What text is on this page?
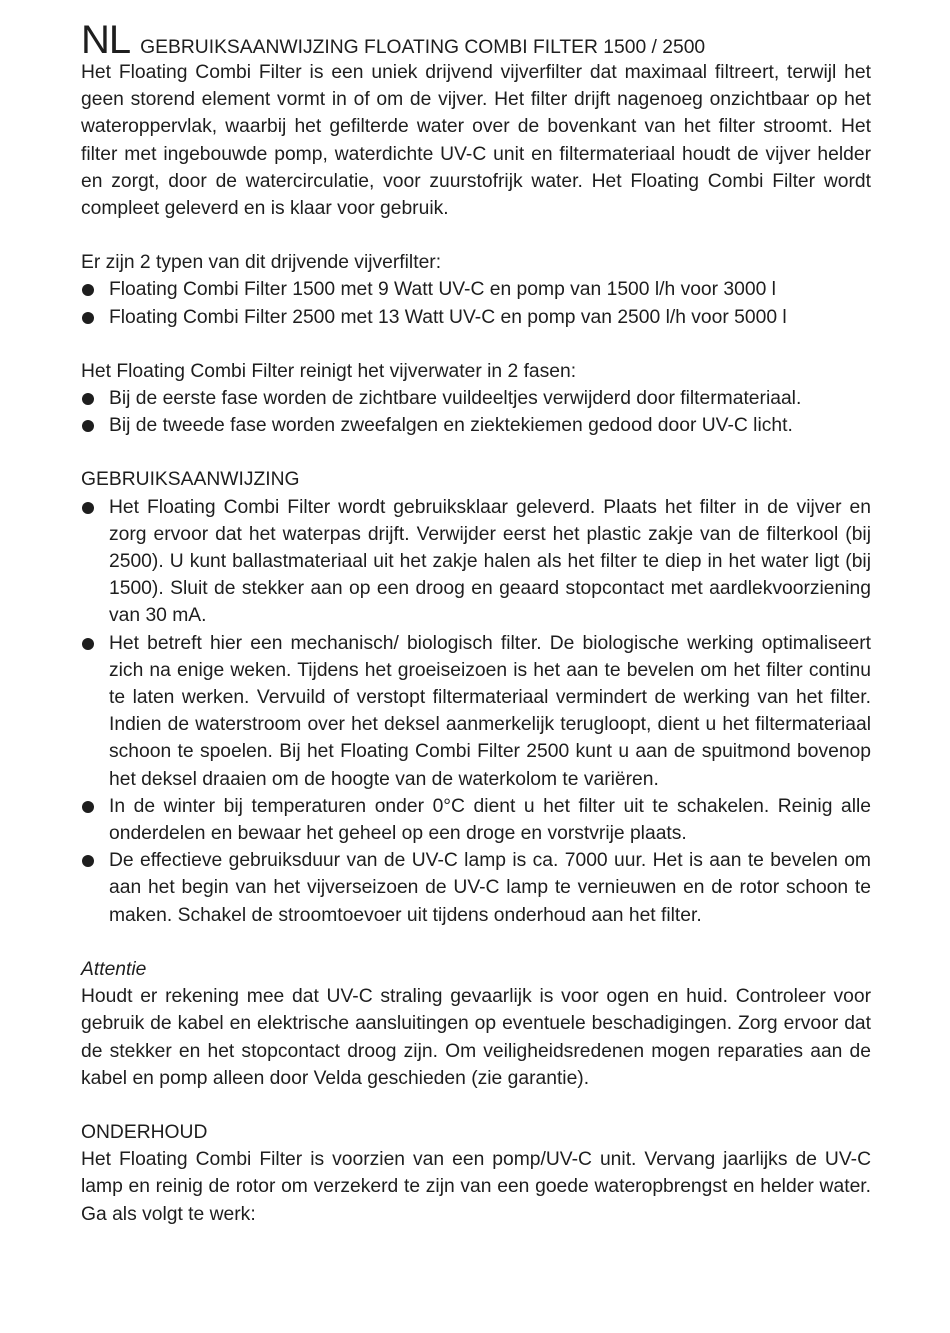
NL GEBRUIKSAANWIJZING FLOATING COMBI FILTER 1500 / 2500

Het Floating Combi Filter is een uniek drijvend vijverfilter dat maximaal filtreert, terwijl het geen storend element vormt in of om de vijver. Het filter drijft nagenoeg onzichtbaar op het wateroppervlak, waarbij het gefilterde water over de bovenkant van het filter stroomt. Het filter met ingebouwde pomp, waterdichte UV-C unit en filtermateriaal houdt de vijver helder en zorgt, door de watercirculatie, voor zuurstofrijk water. Het Floating Combi Filter wordt compleet geleverd en is klaar voor gebruik.

Er zijn 2 typen van dit drijvende vijverfilter:

Floating Combi Filter 1500 met 9 Watt UV-C en pomp van 1500 l/h voor 3000 l
Floating Combi Filter 2500 met 13 Watt UV-C en pomp van 2500 l/h voor 5000 l

Het Floating Combi Filter reinigt het vijverwater in 2 fasen:

Bij de eerste fase worden de zichtbare vuildeeltjes verwijderd door filtermateriaal.
Bij de tweede fase worden zweefalgen en ziektekiemen gedood door UV-C licht.
GEBRUIKSAANWIJZING
Het Floating Combi Filter wordt gebruiksklaar geleverd. Plaats het filter in de vijver en zorg ervoor dat het waterpas drijft. Verwijder eerst het plastic zakje van de filterkool (bij 2500). U kunt ballastmateriaal uit het zakje halen als het filter te diep in het water ligt (bij 1500). Sluit de stekker aan op een droog en geaard stopcontact met aardlekvoorziening van 30 mA.
Het betreft hier een mechanisch/ biologisch filter. De biologische werking optimaliseert zich na enige weken. Tijdens het groeiseizoen is het aan te bevelen om het filter continu te laten werken. Vervuild of verstopt filtermateriaal vermindert de werking van het filter. Indien de waterstroom over het deksel aanmerkelijk terugloopt, dient u het filtermateriaal schoon te spoelen. Bij het Floating Combi Filter 2500 kunt u aan de spuitmond bovenop het deksel draaien om de hoogte van de waterkolom te variëren.
In de winter bij temperaturen onder 0°C dient u het filter uit te schakelen. Reinig alle onderdelen en bewaar het geheel op een droge en vorstvrije plaats.
De effectieve gebruiksduur van de UV-C lamp is ca. 7000 uur. Het is aan te bevelen om aan het begin van het vijverseizoen de UV-C lamp te vernieuwen en de rotor schoon te maken. Schakel de stroomtoevoer uit tijdens onderhoud aan het filter.

Attentie

Houdt er rekening mee dat UV-C straling gevaarlijk is voor ogen en huid. Controleer voor gebruik de kabel en elektrische aansluitingen op eventuele beschadigingen. Zorg ervoor dat de stekker en het stopcontact droog zijn. Om veiligheidsredenen mogen reparaties aan de kabel en pomp alleen door Velda geschieden (zie garantie).

ONDERHOUD

Het Floating Combi Filter is voorzien van een pomp/UV-C unit. Vervang jaarlijks de UV-C lamp en reinig de rotor om verzekerd te zijn van een goede wateropbrengst en helder water. Ga als volgt te werk:
